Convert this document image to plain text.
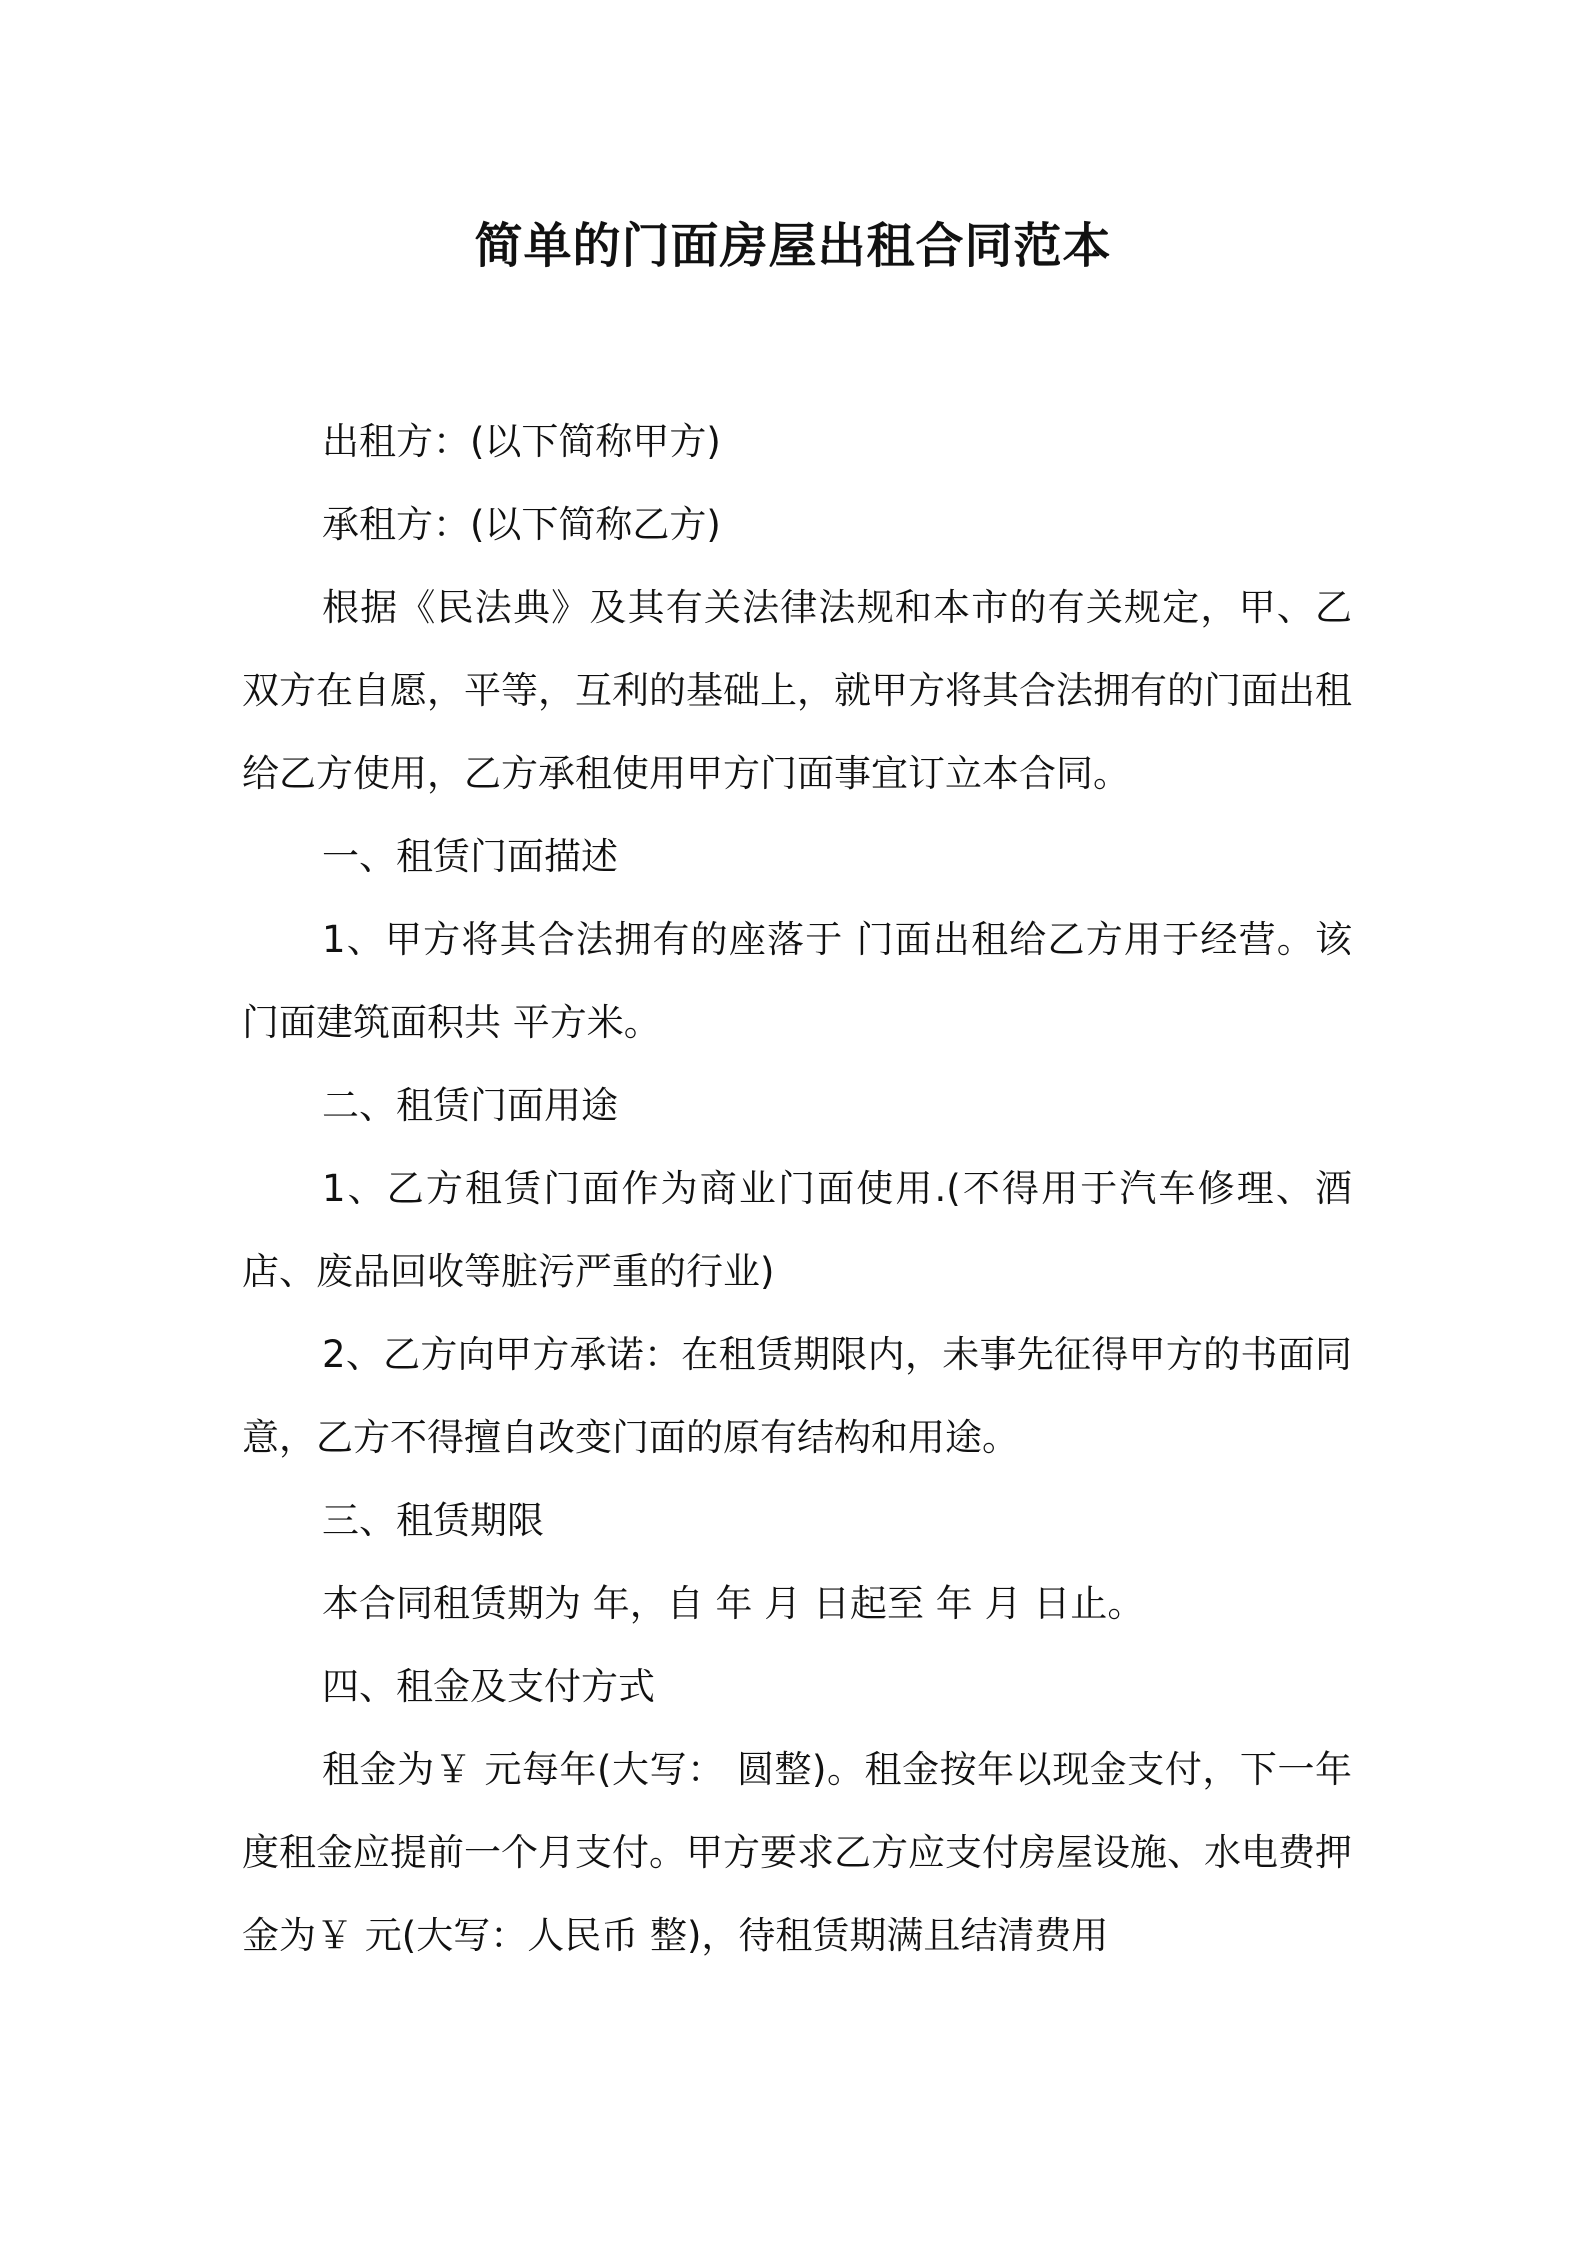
简单的门面房屋出租合同范本

出租方：(以下简称甲方)

承租方：(以下简称乙方)

根据《民法典》及其有关法律法规和本市的有关规定，甲、乙双方在自愿，平等，互利的基础上，就甲方将其合法拥有的门面出租给乙方使用，乙方承租使用甲方门面事宜订立本合同。

一、租赁门面描述

1、甲方将其合法拥有的座落于 门面出租给乙方用于经营。该门面建筑面积共 平方米。

二、租赁门面用途

1、乙方租赁门面作为商业门面使用.(不得用于汽车修理、酒店、废品回收等脏污严重的行业)

2、乙方向甲方承诺：在租赁期限内，未事先征得甲方的书面同意，乙方不得擅自改变门面的原有结构和用途。

三、租赁期限

本合同租赁期为 年，自 年 月 日起至 年 月 日止。

四、租金及支付方式

租金为￥ 元每年(大写： 圆整)。租金按年以现金支付，下一年度租金应提前一个月支付。甲方要求乙方应支付房屋设施、水电费押金为￥ 元(大写：人民币 整)，待租赁期满且结清费用
